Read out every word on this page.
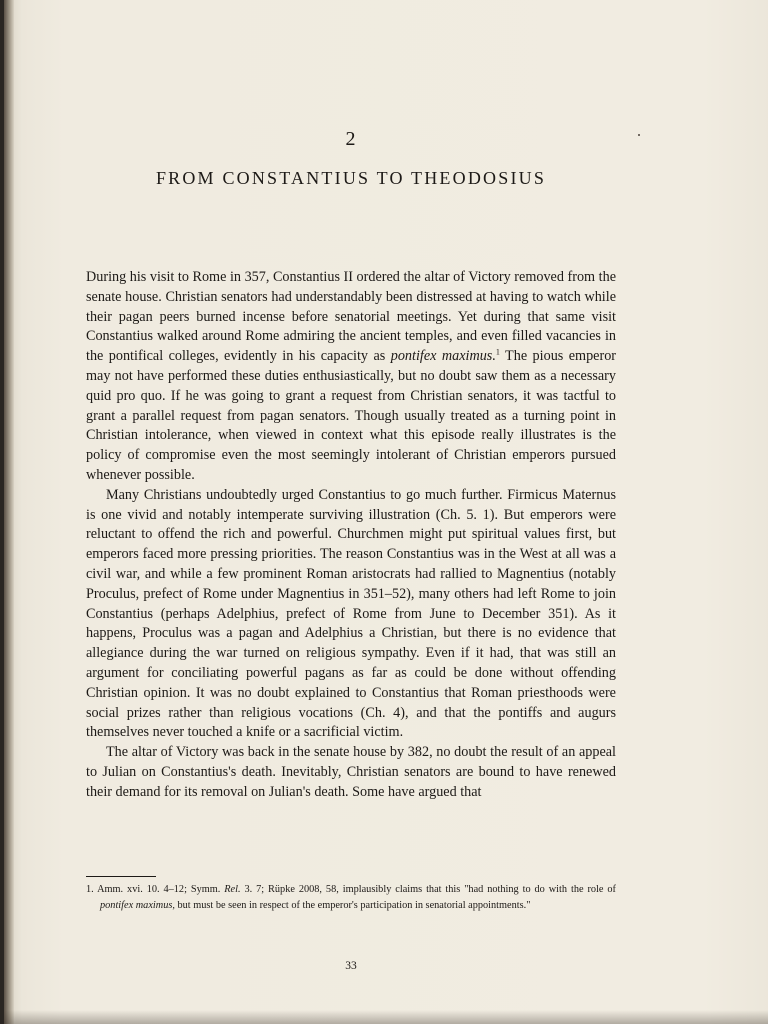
2
FROM CONSTANTIUS TO THEODOSIUS

During his visit to Rome in 357, Constantius II ordered the altar of Victory removed from the senate house. Christian senators had understandably been distressed at having to watch while their pagan peers burned incense before senatorial meetings. Yet during that same visit Constantius walked around Rome admiring the ancient temples, and even filled vacancies in the pontifical colleges, evidently in his capacity as pontifex maximus.$^1$ The pious emperor may not have performed these duties enthusiastically, but no doubt saw them as a necessary quid pro quo. If he was going to grant a request from Christian senators, it was tactful to grant a parallel request from pagan senators. Though usually treated as a turning point in Christian intolerance, when viewed in context what this episode really illustrates is the policy of compromise even the most seemingly intolerant of Christian emperors pursued whenever possible.

Many Christians undoubtedly urged Constantius to go much further. Firmicus Maternus is one vivid and notably intemperate surviving illustration (Ch. 5. 1). But emperors were reluctant to offend the rich and powerful. Churchmen might put spiritual values first, but emperors faced more pressing priorities. The reason Constantius was in the West at all was a civil war, and while a few prominent Roman aristocrats had rallied to Magnentius (notably Proculus, prefect of Rome under Magnentius in 351–52), many others had left Rome to join Constantius (perhaps Adelphius, prefect of Rome from June to December 351). As it happens, Proculus was a pagan and Adelphius a Christian, but there is no evidence that allegiance during the war turned on religious sympathy. Even if it had, that was still an argument for conciliating powerful pagans as far as could be done without offending Christian opinion. It was no doubt explained to Constantius that Roman priesthoods were social prizes rather than religious vocations (Ch. 4), and that the pontiffs and augurs themselves never touched a knife or a sacrificial victim.

The altar of Victory was back in the senate house by 382, no doubt the result of an appeal to Julian on Constantius's death. Inevitably, Christian senators are bound to have renewed their demand for its removal on Julian's death. Some have argued that

1. Amm. xvi. 10. 4–12; Symm. Rel. 3. 7; Rüpke 2008, 58, implausibly claims that this "had nothing to do with the role of pontifex maximus, but must be seen in respect of the emperor's participation in senatorial appointments."
33
